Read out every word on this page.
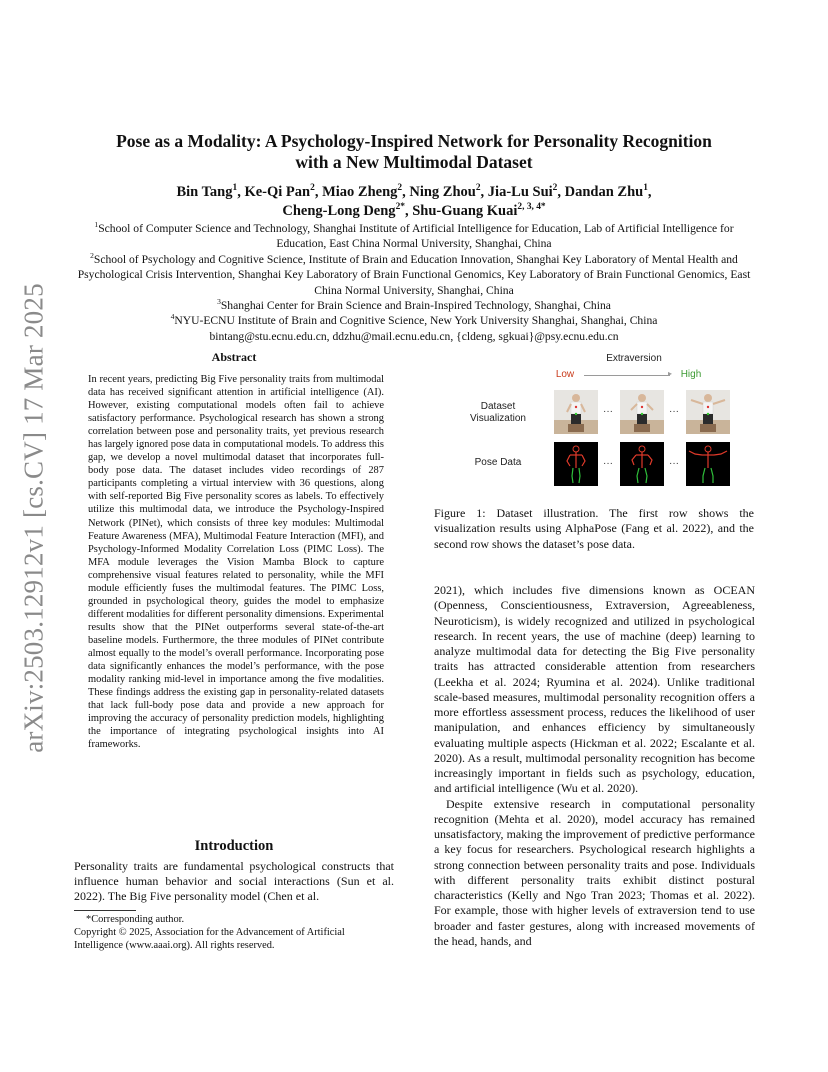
arXiv:2503.12912v1 [cs.CV] 17 Mar 2025
Pose as a Modality: A Psychology-Inspired Network for Personality Recognition
with a New Multimodal Dataset
Bin Tang$^1$, Ke-Qi Pan$^2$, Miao Zheng$^2$, Ning Zhou$^2$, Jia-Lu Sui$^2$, Dandan Zhu$^1$,
Cheng-Long Deng$^{2*}$, Shu-Guang Kuai$^{2, 3, 4*}$

$^1$School of Computer Science and Technology, Shanghai Institute of Artificial Intelligence for Education, Lab of Artificial Intelligence for Education, East China Normal University, Shanghai, China

$^2$School of Psychology and Cognitive Science, Institute of Brain and Education Innovation, Shanghai Key Laboratory of Mental Health and Psychological Crisis Intervention, Shanghai Key Laboratory of Brain Functional Genomics, Key Laboratory of Brain Functional Genomics, East China Normal University, Shanghai, China

$^3$Shanghai Center for Brain Science and Brain-Inspired Technology, Shanghai, China

$^4$NYU-ECNU Institute of Brain and Cognitive Science, New York University Shanghai, Shanghai, China

bintang@stu.ecnu.edu.cn, ddzhu@mail.ecnu.edu.cn, {cldeng, sgkuai}@psy.ecnu.edu.cn

Abstract

In recent years, predicting Big Five personality traits from multimodal data has received significant attention in artificial intelligence (AI). However, existing computational models often fail to achieve satisfactory performance. Psychological research has shown a strong correlation between pose and personality traits, yet previous research has largely ignored pose data in computational models. To address this gap, we develop a novel multimodal dataset that incorporates full-body pose data. The dataset includes video recordings of 287 participants completing a virtual interview with 36 questions, along with self-reported Big Five personality scores as labels. To effectively utilize this multimodal data, we introduce the Psychology-Inspired Network (PINet), which consists of three key modules: Multimodal Feature Awareness (MFA), Multimodal Feature Interaction (MFI), and Psychology-Informed Modality Correlation Loss (PIMC Loss). The MFA module leverages the Vision Mamba Block to capture comprehensive visual features related to personality, while the MFI module efficiently fuses the multimodal features. The PIMC Loss, grounded in psychological theory, guides the model to emphasize different modalities for different personality dimensions. Experimental results show that the PINet outperforms several state-of-the-art baseline models. Furthermore, the three modules of PINet contribute almost equally to the model’s overall performance. Incorporating pose data significantly enhances the model’s performance, with the pose modality ranking mid-level in importance among the five modalities. These findings address the existing gap in personality-related datasets that lack full-body pose data and provide a new approach for improving the accuracy of personality prediction models, highlighting the importance of integrating psychological insights into AI frameworks.

Introduction

Personality traits are fundamental psychological constructs that influence human behavior and social interactions (Sun et al. 2022). The Big Five personality model (Chen et al.

*Corresponding author.
Copyright © 2025, Association for the Advancement of Artificial Intelligence (www.aaai.org). All rights reserved.
Extraversion
Low	▸ High
Dataset
Visualization
Pose Data
···	···
···	···

Figure 1: Dataset illustration. The first row shows the visualization results using AlphaPose (Fang et al. 2022), and the second row shows the dataset’s pose data.

2021), which includes five dimensions known as OCEAN (Openness, Conscientiousness, Extraversion, Agreeableness, Neuroticism), is widely recognized and utilized in psychological research. In recent years, the use of machine (deep) learning to analyze multimodal data for detecting the Big Five personality traits has attracted considerable attention from researchers (Leekha et al. 2024; Ryumina et al. 2024). Unlike traditional scale-based measures, multimodal personality recognition offers a more effortless assessment process, reduces the likelihood of user manipulation, and enhances efficiency by simultaneously evaluating multiple aspects (Hickman et al. 2022; Escalante et al. 2020). As a result, multimodal personality recognition has become increasingly important in fields such as psychology, education, and artificial intelligence (Wu et al. 2020).

Despite extensive research in computational personality recognition (Mehta et al. 2020), model accuracy has remained unsatisfactory, making the improvement of predictive performance a key focus for researchers. Psychological research highlights a strong connection between personality traits and pose. Individuals with different personality traits exhibit distinct postural characteristics (Kelly and Ngo Tran 2023; Thomas et al. 2022). For example, those with higher levels of extraversion tend to use broader and faster gestures, along with increased movements of the head, hands, and
